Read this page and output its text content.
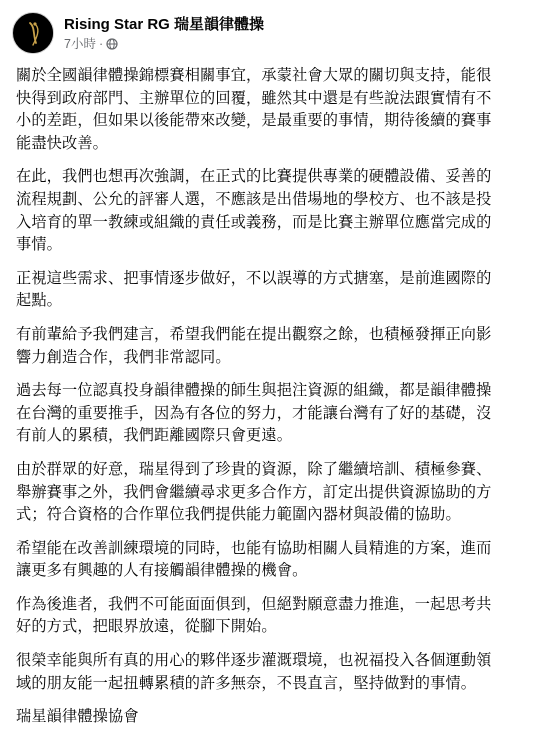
Rising Star RG 瑞星韻律體操
7小時 ·
關於全國韻律體操錦標賽相關事宜，承蒙社會大眾的關切與支持，能很
快得到政府部門、主辦單位的回覆，雖然其中還是有些說法跟實情有不
小的差距，但如果以後能帶來改變，是最重要的事情，期待後續的賽事
能盡快改善。
在此，我們也想再次強調，在正式的比賽提供專業的硬體設備、妥善的
流程規劃、公允的評審人選，不應該是出借場地的學校方、也不該是投
入培育的單一教練或組織的責任或義務，而是比賽主辦單位應當完成的
事情。
正視這些需求、把事情逐步做好，不以誤導的方式搪塞，是前進國際的
起點。
有前輩給予我們建言，希望我們能在提出觀察之餘，也積極發揮正向影
響力創造合作，我們非常認同。
過去每一位認真投身韻律體操的師生與挹注資源的組織，都是韻律體操
在台灣的重要推手，因為有各位的努力，才能讓台灣有了好的基礎，沒
有前人的累積，我們距離國際只會更遠。
由於群眾的好意，瑞星得到了珍貴的資源，除了繼續培訓、積極參賽、
舉辦賽事之外，我們會繼續尋求更多合作方，訂定出提供資源協助的方
式；符合資格的合作單位我們提供能力範圍內器材與設備的協助。
希望能在改善訓練環境的同時，也能有協助相關人員精進的方案，進而
讓更多有興趣的人有接觸韻律體操的機會。
作為後進者，我們不可能面面俱到，但絕對願意盡力推進，一起思考共
好的方式，把眼界放遠，從腳下開始。
很榮幸能與所有真的用心的夥伴逐步灌溉環境，也祝福投入各個運動領
域的朋友能一起扭轉累積的許多無奈，不畏直言，堅持做對的事情。
瑞星韻律體操協會
